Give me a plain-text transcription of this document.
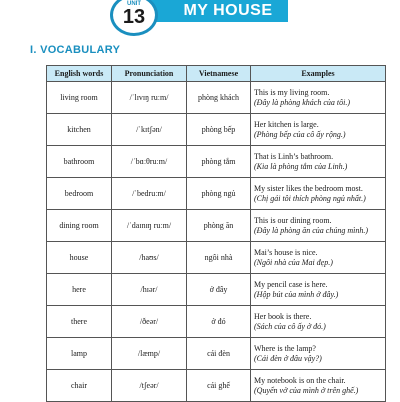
MY HOUSE
UNIT
13
I. VOCABULARY
English words	Pronunciation	Vietnamese	Examples
living room	/ˈlɪvɪŋ ruːm/	phòng khách	This is my living room.
(Đây là phòng khách của tôi.)

kitchen	/ˈkɪtʃən/	phòng bếp	Her kitchen is large.
(Phòng bếp của cô ấy rộng.)

bathroom	/ˈbɑːθruːm/	phòng tắm	That is Linh’s bathroom.
(Kia là phòng tắm của Linh.)

bedroom	/ˈbedruːm/	phòng ngủ	My sister likes the bedroom most.
(Chị gái tôi thích phòng ngủ nhất.)

dining room	/ˈdaɪnɪŋ ruːm/	phòng ăn	This is our dining room.
(Đây là phòng ăn của chúng mình.)

house	/haʊs/	ngôi nhà	Mai’s house is nice.
(Ngôi nhà của Mai đẹp.)

here	/hɪər/	ở đây	My pencil case is here.
(Hộp bút của mình ở đây.)

there	/ðeər/	ở đó	Her book is there.
(Sách của cô ấy ở đó.)

lamp	/læmp/	cái đèn	Where is the lamp?
(Cái đèn ở đâu vậy?)

chair	/tʃeər/	cái ghế	My notebook is on the chair.
(Quyển vở của mình ở trên ghế.)
